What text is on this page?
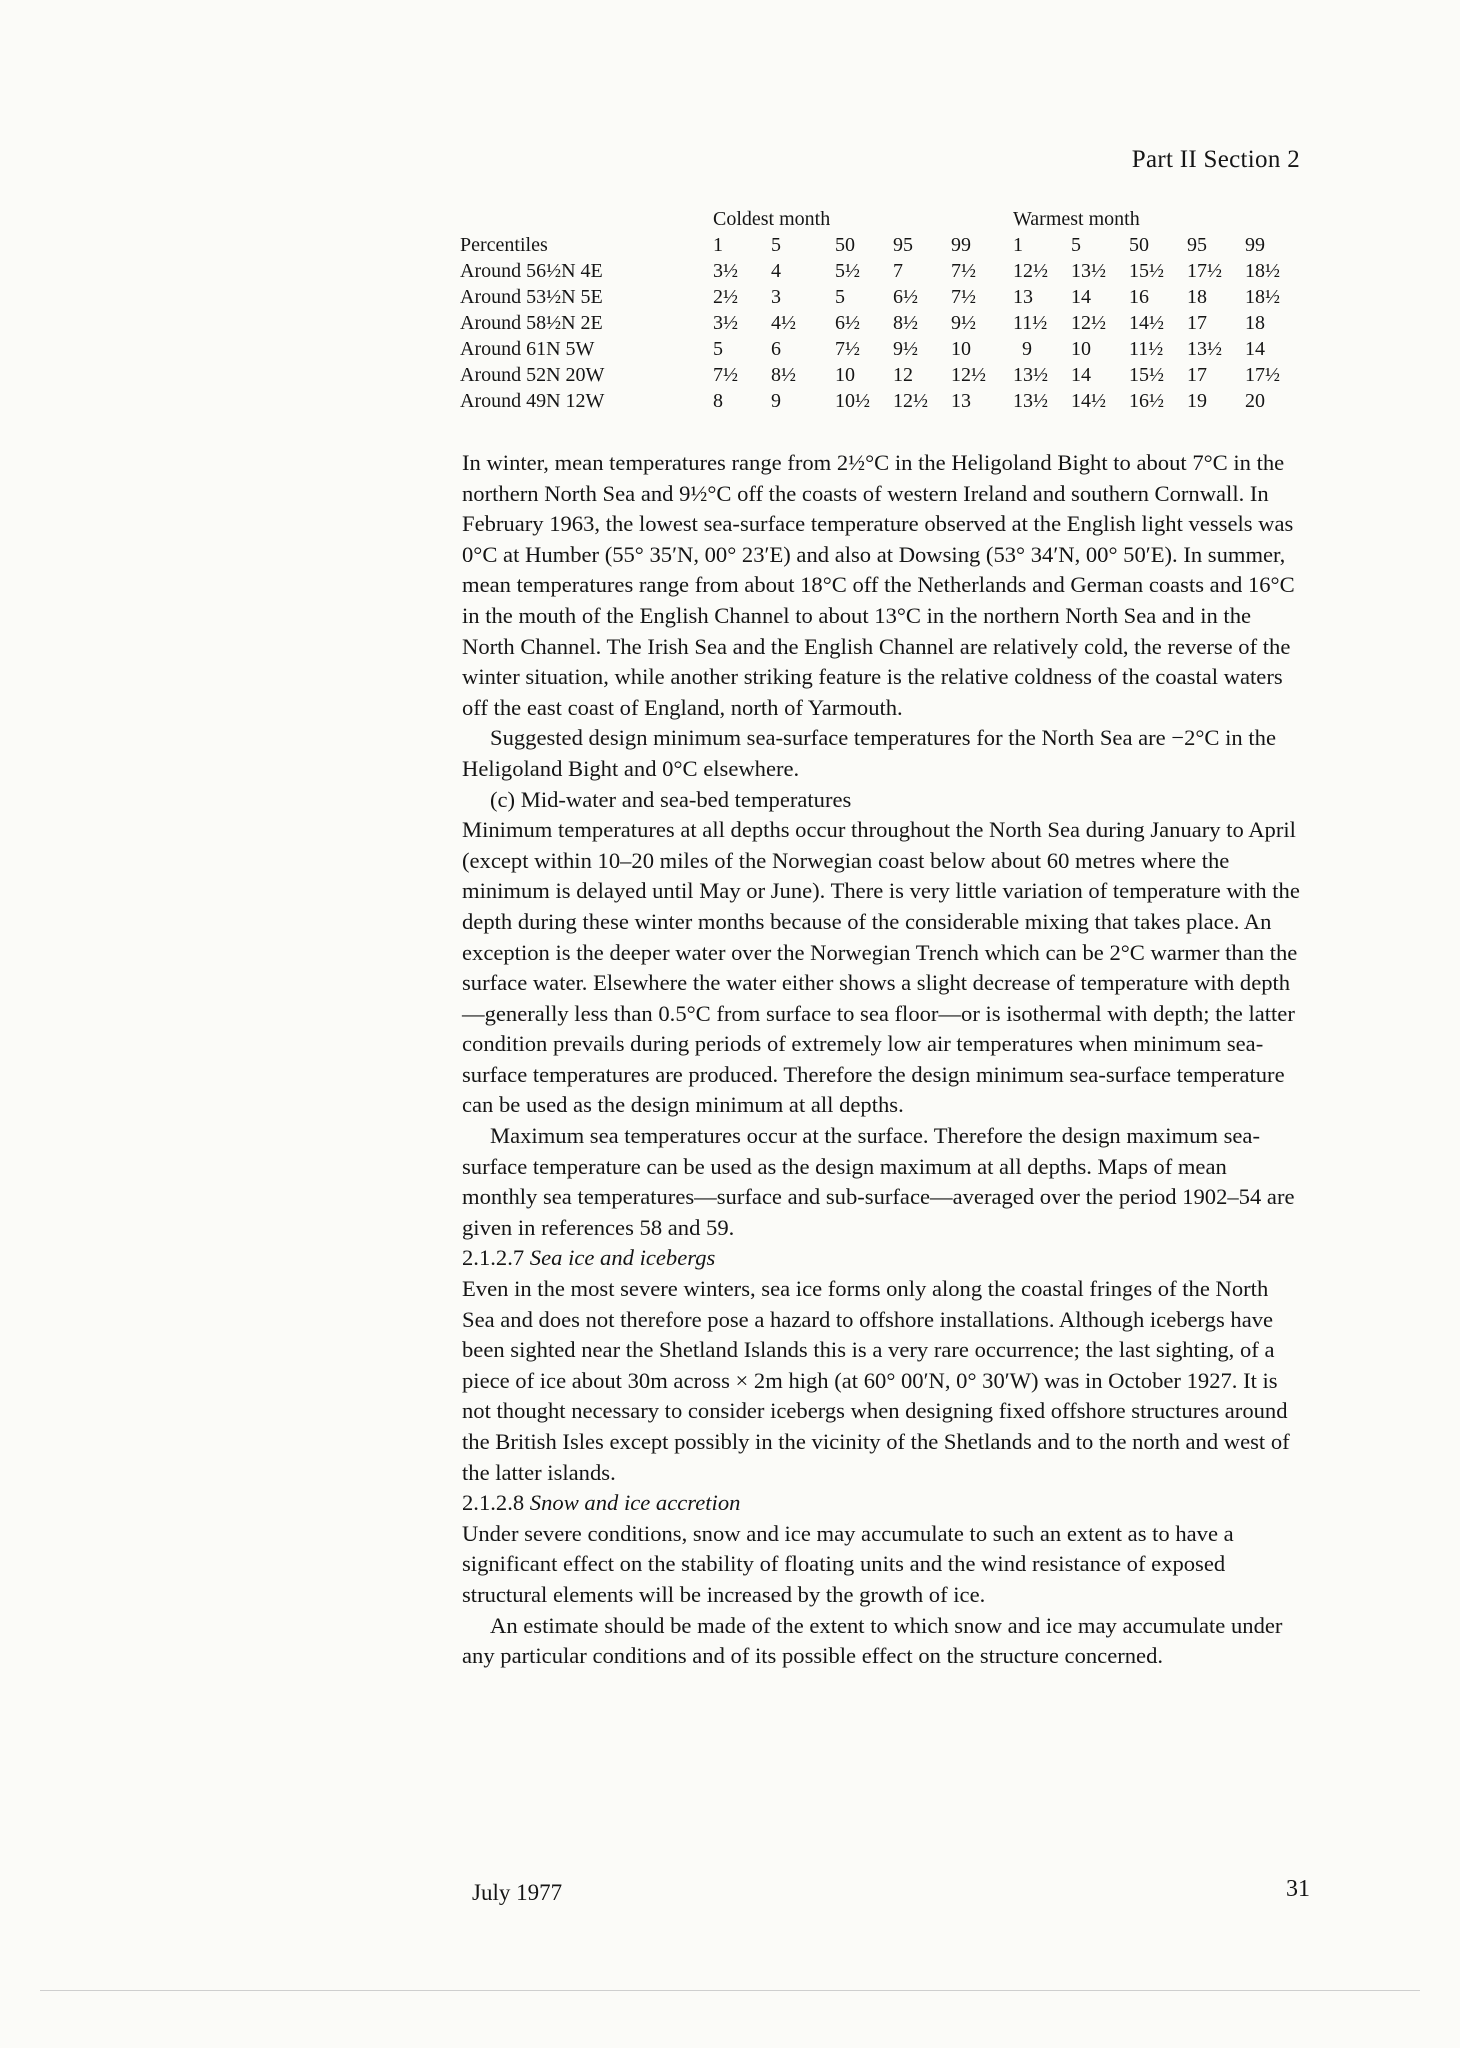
Part II Section 2
	Coldest month					Warmest month				
Percentiles	1	5	50	95	99	1	5	50	95	99
Around 56½N 4E	3½	4	5½	7	7½	12½	13½	15½	17½	18½
Around 53½N 5E	2½	3	5	6½	7½	13	14	16	18	18½
Around 58½N 2E	3½	4½	6½	8½	9½	11½	12½	14½	17	18
Around 61N 5W	5	6	7½	9½	10	9	10	11½	13½	14
Around 52N 20W	7½	8½	10	12	12½	13½	14	15½	17	17½
Around 49N 12W	8	9	10½	12½	13	13½	14½	16½	19	20

In winter, mean temperatures range from 2½°C in the Heligoland Bight to about 7°C in the northern North Sea and 9½°C off the coasts of western Ireland and southern Cornwall. In February 1963, the lowest sea-surface temperature observed at the English light vessels was 0°C at Humber (55° 35′N, 00° 23′E) and also at Dowsing (53° 34′N, 00° 50′E). In summer, mean temperatures range from about 18°C off the Netherlands and German coasts and 16°C in the mouth of the English Channel to about 13°C in the northern North Sea and in the North Channel. The Irish Sea and the English Channel are relatively cold, the reverse of the winter situation, while another striking feature is the relative coldness of the coastal waters off the east coast of England, north of Yarmouth.

Suggested design minimum sea-surface temperatures for the North Sea are −2°C in the Heligoland Bight and 0°C elsewhere.

(c) Mid-water and sea-bed temperatures

Minimum temperatures at all depths occur throughout the North Sea during January to April (except within 10–20 miles of the Norwegian coast below about 60 metres where the minimum is delayed until May or June). There is very little variation of temperature with the depth during these winter months because of the considerable mixing that takes place. An exception is the deeper water over the Norwegian Trench which can be 2°C warmer than the surface water. Elsewhere the water either shows a slight decrease of temperature with depth—generally less than 0.5°C from surface to sea floor—or is isothermal with depth; the latter condition prevails during periods of extremely low air temperatures when minimum sea-surface temperatures are produced. Therefore the design minimum sea-surface temperature can be used as the design minimum at all depths.

Maximum sea temperatures occur at the surface. Therefore the design maximum sea-surface temperature can be used as the design maximum at all depths. Maps of mean monthly sea temperatures—surface and sub-surface—averaged over the period 1902–54 are given in references 58 and 59.

2.1.2.7 Sea ice and icebergs

Even in the most severe winters, sea ice forms only along the coastal fringes of the North Sea and does not therefore pose a hazard to offshore installations. Although icebergs have been sighted near the Shetland Islands this is a very rare occurrence; the last sighting, of a piece of ice about 30m across × 2m high (at 60° 00′N, 0° 30′W) was in October 1927. It is not thought necessary to consider icebergs when designing fixed offshore structures around the British Isles except possibly in the vicinity of the Shetlands and to the north and west of the latter islands.

2.1.2.8 Snow and ice accretion

Under severe conditions, snow and ice may accumulate to such an extent as to have a significant effect on the stability of floating units and the wind resistance of exposed structural elements will be increased by the growth of ice.

An estimate should be made of the extent to which snow and ice may accumulate under any particular conditions and of its possible effect on the structure concerned.

July 1977	31
